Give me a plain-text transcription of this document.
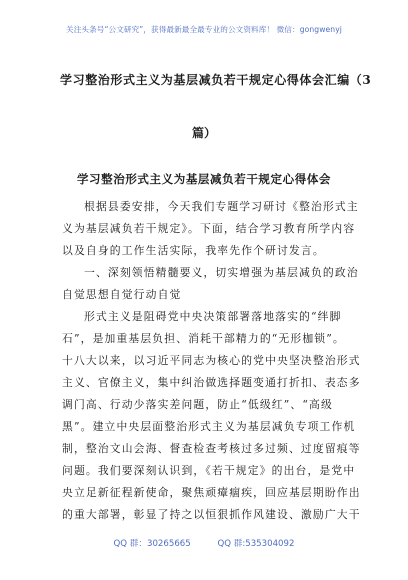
关注头条号“公文研究”，获得最新最全最专业的公文资料库！ 微信：gongwenyj
学习整治形式主义为基层减负若干规定心得体会汇编（3
篇）
学习整治形式主义为基层减负若干规定心得体会
根据县委安排，今天我们专题学习研讨《整治形式主
义为基层减负若干规定》。下面，结合学习教育所学内容
以及自身的工作生活实际，我率先作个研讨发言。
一、深刻领悟精髓要义，切实增强为基层减负的政治
自觉思想自觉行动自觉
形式主义是阻碍党中央决策部署落地落实的“绊脚
石”，是加重基层负担、消耗干部精力的“无形枷锁”。
十八大以来，以习近平同志为核心的党中央坚决整治形式
主义、官僚主义，集中纠治做选择题变通打折扣、表态多
调门高、行动少落实差问题，防止“低级红”、“高级
黑”。建立中央层面整治形式主义为基层减负专项工作机
制，整治文山会海、督查检查考核过多过频、过度留痕等
问题。我们要深刻认识到，《若干规定》的出台，是党中
央立足新征程新使命，聚焦顽瘴痼疾，回应基层期盼作出
的重大部署，彰显了持之以恒狠抓作风建设、激励广大干
QQ 群：30265665	QQ 群:535304092
